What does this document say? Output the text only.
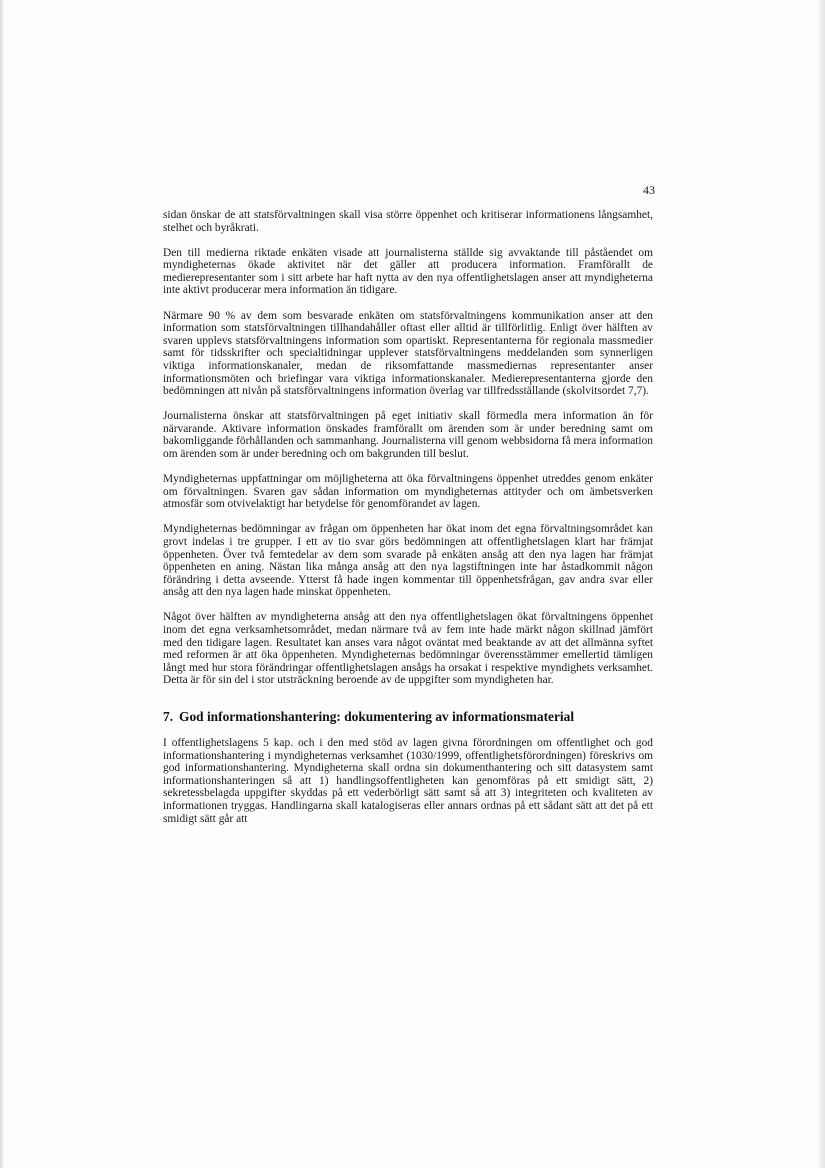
43

sidan önskar de att statsförvaltningen skall visa större öppenhet och kritiserar informationens långsamhet, stelhet och byråkrati.

Den till medierna riktade enkäten visade att journalisterna ställde sig avvaktande till påståendet om myndigheternas ökade aktivitet när det gäller att producera information. Framförallt de medierepresentanter som i sitt arbete har haft nytta av den nya offentlighetslagen anser att myndigheterna inte aktivt producerar mera information än tidigare.

Närmare 90 % av dem som besvarade enkäten om statsförvaltningens kommunikation anser att den information som statsförvaltningen tillhandahåller oftast eller alltid är tillförlitlig. Enligt över hälften av svaren upplevs statsförvaltningens information som opartiskt. Representanterna för regionala massmedier samt för tidsskrifter och specialtidningar upplever statsförvaltningens meddelanden som synnerligen viktiga informationskanaler, medan de riksomfattande massmediernas representanter anser informationsmöten och briefingar vara viktiga informationskanaler. Medierepresentanterna gjorde den bedömningen att nivån på statsförvaltningens information överlag var tillfredsställande (skolvitsordet 7,7).

Journalisterna önskar att statsförvaltningen på eget initiativ skall förmedla mera information än för närvarande. Aktivare information önskades framförallt om ärenden som är under beredning samt om bakomliggande förhållanden och sammanhang. Journalisterna vill genom webbsidorna få mera information om ärenden som är under beredning och om bakgrunden till beslut.

Myndigheternas uppfattningar om möjligheterna att öka förvaltningens öppenhet utreddes genom enkäter om förvaltningen. Svaren gav sådan information om myndigheternas attityder och om ämbetsverken atmosfär som otvivelaktigt har betydelse för genomförandet av lagen.

Myndigheternas bedömningar av frågan om öppenheten har ökat inom det egna förvaltningsområdet kan grovt indelas i tre grupper. I ett av tio svar görs bedömningen att offentlighetslagen klart har främjat öppenheten. Över två femtedelar av dem som svarade på enkäten ansåg att den nya lagen har främjat öppenheten en aning. Nästan lika många ansåg att den nya lagstiftningen inte har åstadkommit någon förändring i detta avseende. Ytterst få hade ingen kommentar till öppenhetsfrågan, gav andra svar eller ansåg att den nya lagen hade minskat öppenheten.

Något över hälften av myndigheterna ansåg att den nya offentlighetslagen ökat förvaltningens öppenhet inom det egna verksamhetsområdet, medan närmare två av fem inte hade märkt någon skillnad jämfört med den tidigare lagen. Resultatet kan anses vara något oväntat med beaktande av att det allmänna syftet med reformen är att öka öppenheten. Myndigheternas bedömningar överensstämmer emellertid tämligen långt med hur stora förändringar offentlighetslagen ansågs ha orsakat i respektive myndighets verksamhet. Detta är för sin del i stor utsträckning beroende av de uppgifter som myndigheten har.

7. God informationshantering: dokumentering av informationsmaterial

I offentlighetslagens 5 kap. och i den med stöd av lagen givna förordningen om offentlighet och god informationshantering i myndigheternas verksamhet (1030/1999, offentlighetsförordningen) föreskrivs om god informationshantering. Myndigheterna skall ordna sin dokumenthantering och sitt datasystem samt informationshanteringen så att 1) handlingsoffentligheten kan genomföras på ett smidigt sätt, 2) sekretessbelagda uppgifter skyddas på ett vederbörligt sätt samt så att 3) integriteten och kvaliteten av informationen tryggas. Handlingarna skall katalogiseras eller annars ordnas på ett sådant sätt att det på ett smidigt sätt går att
